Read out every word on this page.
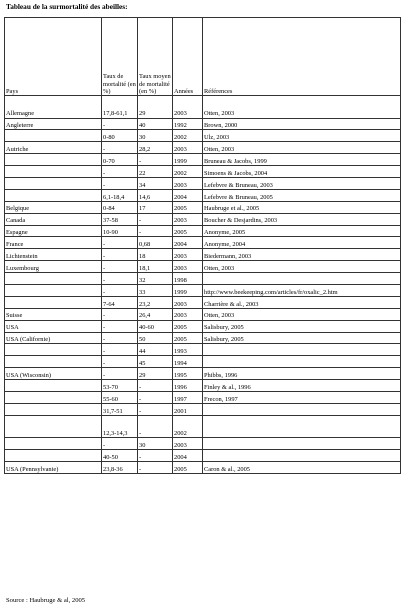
Tableau de la surmortalité des abeilles:
Pays	Taux de mortalité (en %)	Taux moyen de mortalité (en %)	Années	Références
Allemagne	17,8-61,1	29	2003	Otten, 2003
Angleterre	-	40	1992	Brown, 2000
	0-80	30	2002	Ulz, 2003
Autriche	-	28,2	2003	Otten, 2003
	0-70	-	1999	Bruneau & Jacobs, 1999
	-	22	2002	Simoens & Jacobs, 2004
	-	34	2003	Lefebvre & Bruneau, 2003
	6,1-18,4	14,6	2004	Lefebvre & Bruneau, 2005
Belgique	0-84	17	2005	Haubruge et al., 2005
Canada	37-58	-	2003	Boucher & Desjardins, 2003
Espagne	10-90	-	2005	Anonyme, 2005
France	-	0,68	2004	Anonyme, 2004
Lichtenstein	-	18	2003	Biedermann, 2003
Luxembourg	-	18,1	2003	Otten, 2003
	-	32	1998	
	-	33	1999	http://www.beekeeping.com/articles/fr/oxalic_2.htm
	7-64	23,2	2003	Charrière & al., 2003
Suisse	-	26,4	2003	Otten, 2003
USA	-	40-60	2005	Salisbury, 2005
USA (Californie)	-	50	2005	Salisbury, 2005
	-	44	1993	
	-	45	1994	
USA (Wisconsin)	-	29	1995	Phibbs, 1996
	53-70	-	1996	Finley & al., 1996
	55-60	-	1997	Frecon, 1997
	31,7-51	-	2001	
	12,3-14,3	-	2002	
	-	30	2003	
	40-50	-	2004	
USA (Pennsylvanie)	23,8-36	-	2005	Caron & al., 2005
Source : Haubruge & al, 2005
